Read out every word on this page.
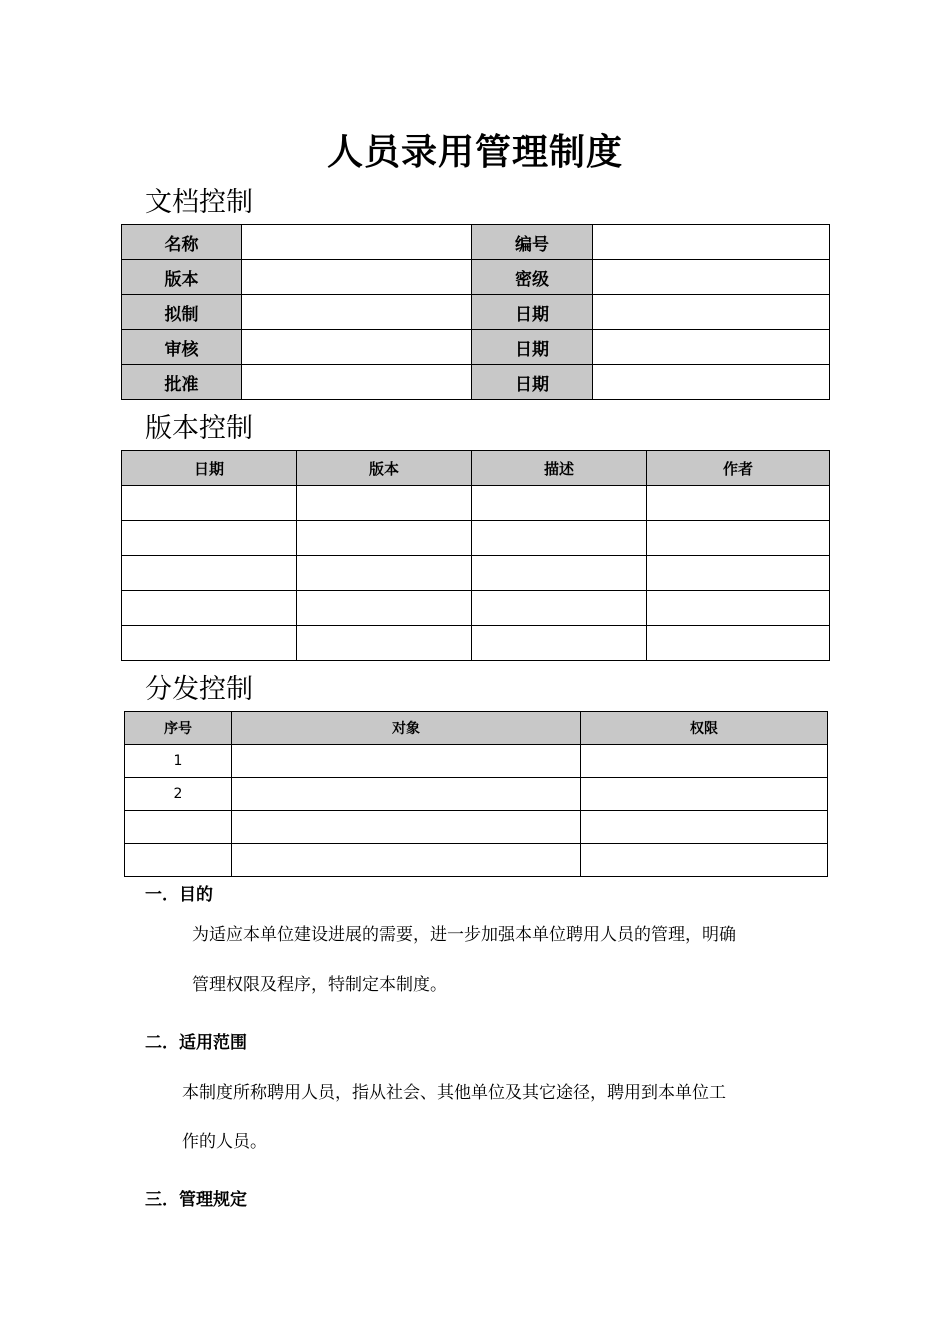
人员录用管理制度
文档控制
名称		编号	
版本		密级	
拟制		日期	
审核		日期	
批准		日期	
版本控制
日期	版本	描述	作者

分发控制
序号	对象	权限
1		
2		

一．目的
为适应本单位建设进展的需要，进一步加强本单位聘用人员的管理，明确
管理权限及程序，特制定本制度。
二．适用范围
本制度所称聘用人员，指从社会、其他单位及其它途径，聘用到本单位工
作的人员。
三．管理规定
